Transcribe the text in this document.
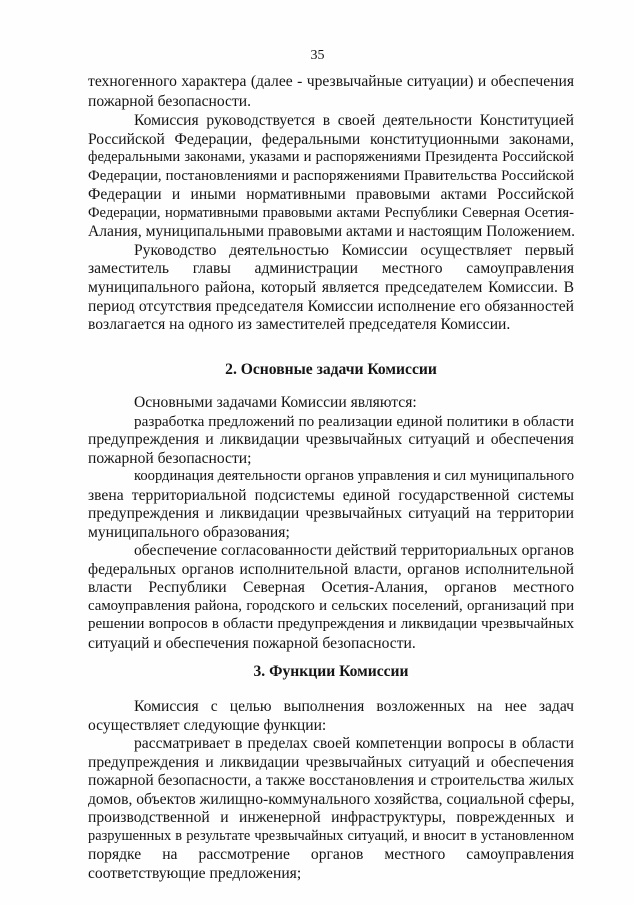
35
техногенного характера (далее - чрезвычайные ситуации) и обеспечения
пожарной безопасности.
Комиссия руководствуется в своей деятельности Конституцией
Российской Федерации, федеральными конституционными законами,
федеральными законами, указами и распоряжениями Президента Российской
Федерации, постановлениями и распоряжениями Правительства Российской
Федерации и иными нормативными правовыми актами Российской
Федерации, нормативными правовыми актами Республики Северная Осетия-
Алания, муниципальными правовыми актами и настоящим Положением.
Руководство деятельностью Комиссии осуществляет первый
заместитель главы администрации местного самоуправления
муниципального района, который является председателем Комиссии. В
период отсутствия председателя Комиссии исполнение его обязанностей
возлагается на одного из заместителей председателя Комиссии.
2. Основные задачи Комиссии
Основными задачами Комиссии являются:
разработка предложений по реализации единой политики в области
предупреждения и ликвидации чрезвычайных ситуаций и обеспечения
пожарной безопасности;
координация деятельности органов управления и сил муниципального
звена территориальной подсистемы единой государственной системы
предупреждения и ликвидации чрезвычайных ситуаций на территории
муниципального образования;
обеспечение согласованности действий территориальных органов
федеральных органов исполнительной власти, органов исполнительной
власти Республики Северная Осетия-Алания, органов местного
самоуправления района, городского и сельских поселений, организаций при
решении вопросов в области предупреждения и ликвидации чрезвычайных
ситуаций и обеспечения пожарной безопасности.
3. Функции Комиссии
Комиссия с целью выполнения возложенных на нее задач
осуществляет следующие функции:
рассматривает в пределах своей компетенции вопросы в области
предупреждения и ликвидации чрезвычайных ситуаций и обеспечения
пожарной безопасности, а также восстановления и строительства жилых
домов, объектов жилищно-коммунального хозяйства, социальной сферы,
производственной и инженерной инфраструктуры, поврежденных и
разрушенных в результате чрезвычайных ситуаций, и вносит в установленном
порядке на рассмотрение органов местного самоуправления
соответствующие предложения;
